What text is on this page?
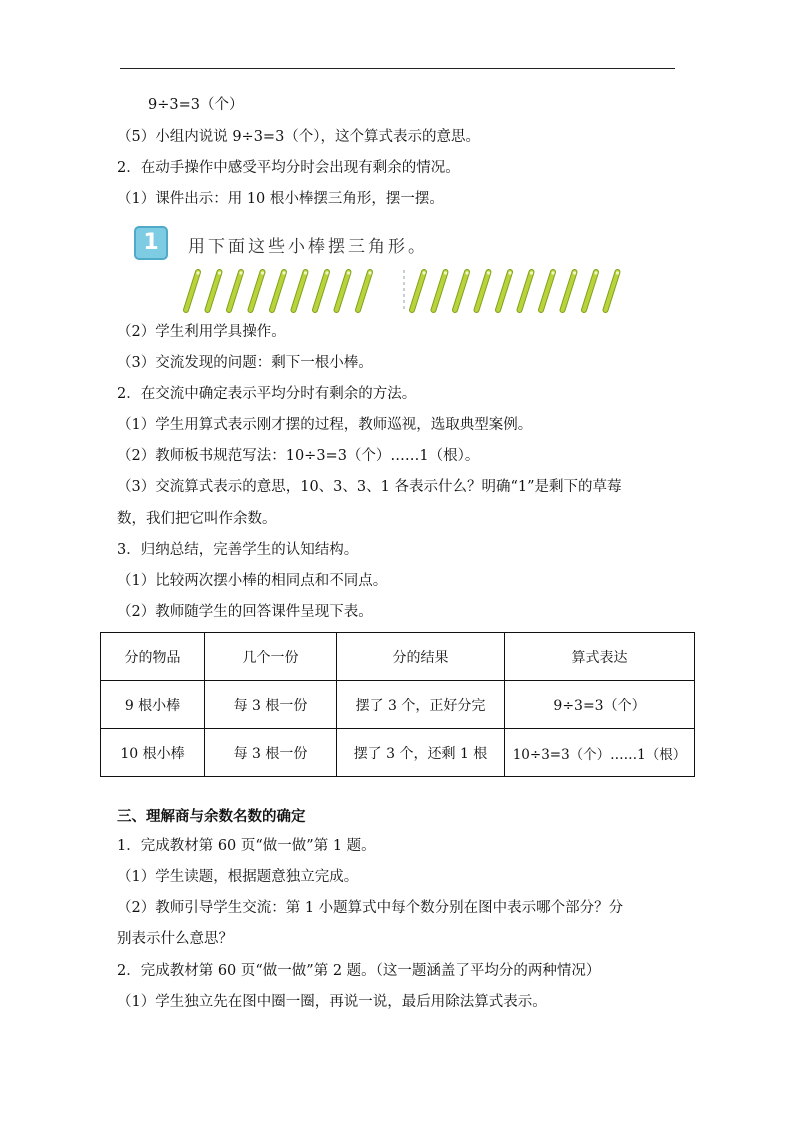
9÷3=3（个）
（5）小组内说说 9÷3=3（个），这个算式表示的意思。
2．在动手操作中感受平均分时会出现有剩余的情况。
（1）课件出示：用 10 根小棒摆三角形，摆一摆。
1	用下面这些小棒摆三角形。
（2）学生利用学具操作。
（3）交流发现的问题：剩下一根小棒。
2．在交流中确定表示平均分时有剩余的方法。
（1）学生用算式表示刚才摆的过程，教师巡视，选取典型案例。
（2）教师板书规范写法：10÷3=3（个）……1（根）。
（3）交流算式表示的意思，10、3、3、1 各表示什么？明确“1”是剩下的草莓
数，我们把它叫作余数。
3．归纳总结，完善学生的认知结构。
（1）比较两次摆小棒的相同点和不同点。
（2）教师随学生的回答课件呈现下表。
分的物品	几个一份	分的结果	算式表达
9 根小棒	每 3 根一份	摆了 3 个，正好分完	9÷3=3（个）
10 根小棒	每 3 根一份	摆了 3 个，还剩 1 根	10÷3=3（个）……1（根）
三、理解商与余数名数的确定
1．完成教材第 60 页“做一做”第 1 题。
（1）学生读题，根据题意独立完成。
（2）教师引导学生交流：第 1 小题算式中每个数分别在图中表示哪个部分？分
别表示什么意思？
2．完成教材第 60 页“做一做”第 2 题。（这一题涵盖了平均分的两种情况）
（1）学生独立先在图中圈一圈，再说一说，最后用除法算式表示。
